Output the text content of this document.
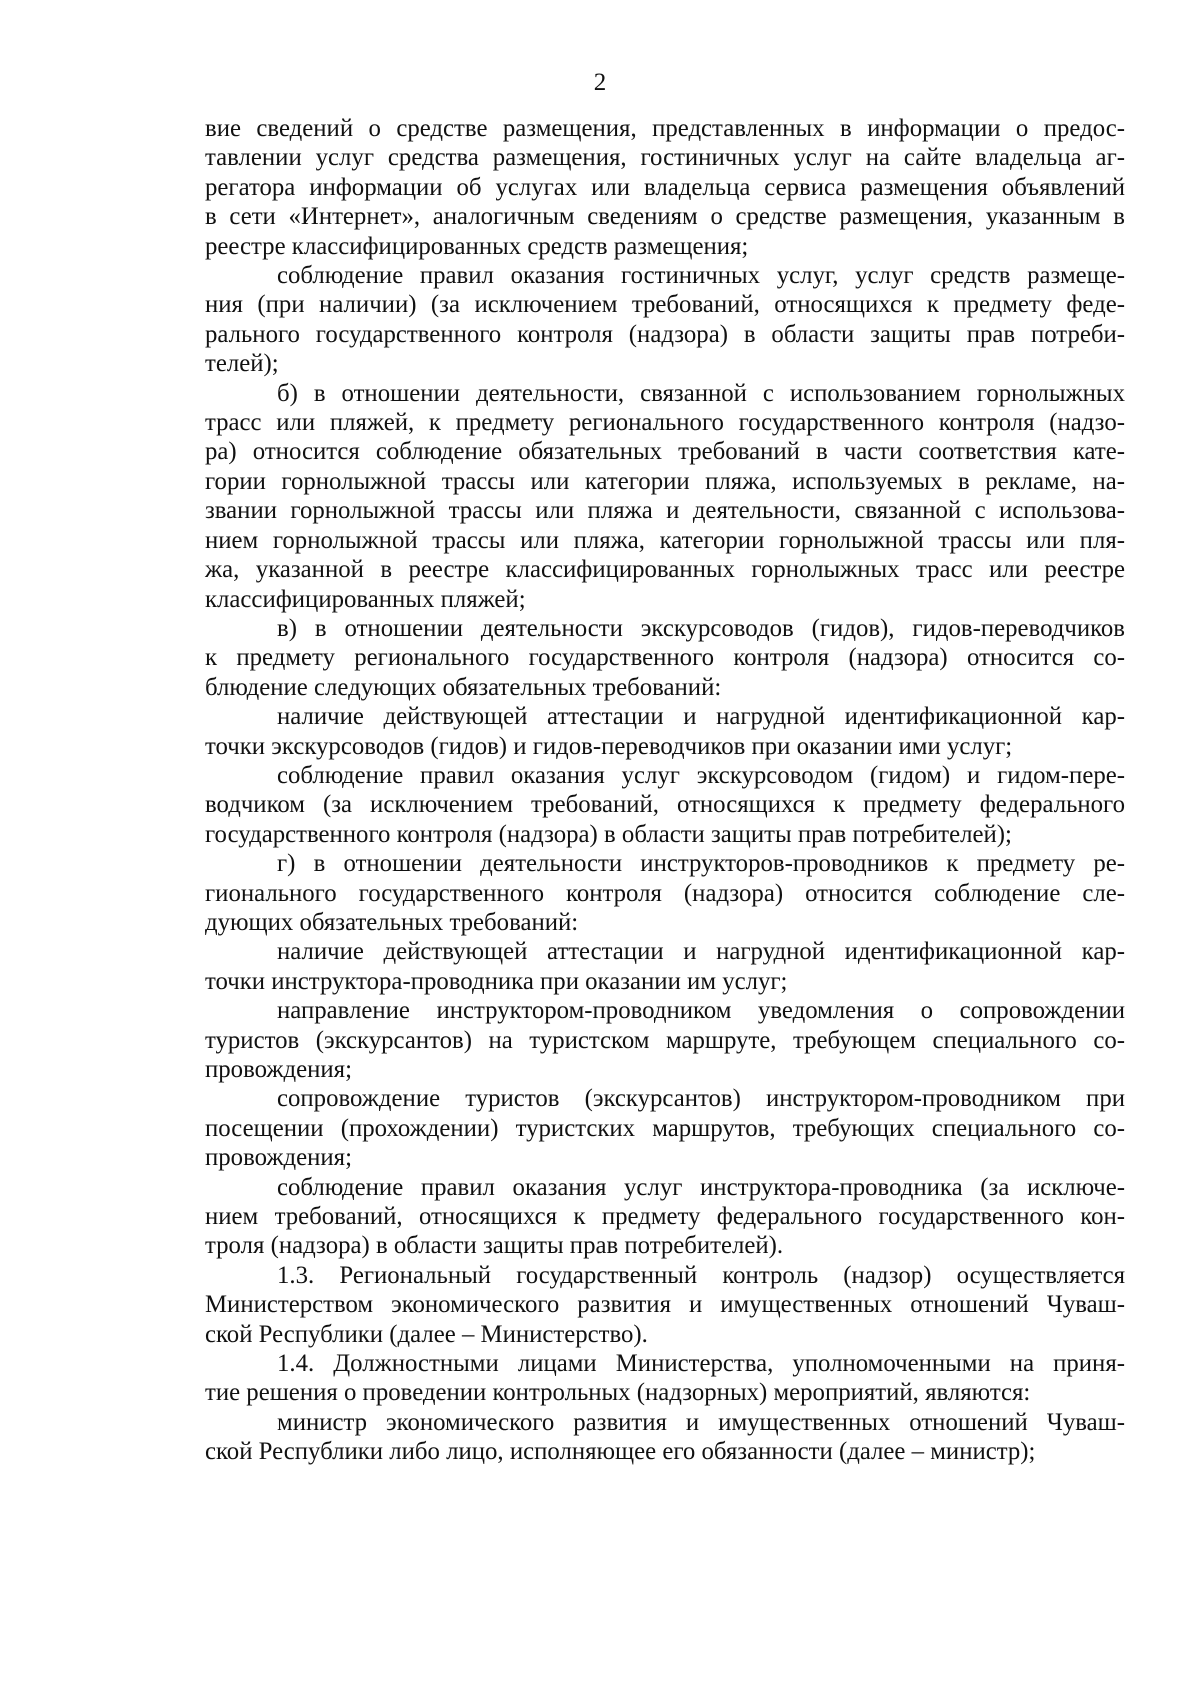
2
вие сведений о средстве размещения, представленных в информации о предос-
тавлении услуг средства размещения, гостиничных услуг на сайте владельца аг-
регатора информации об услугах или владельца сервиса размещения объявлений
в сети «Интернет», аналогичным сведениям о средстве размещения, указанным в
реестре классифицированных средств размещения;
соблюдение правил оказания гостиничных услуг, услуг средств размеще-
ния (при наличии) (за исключением требований, относящихся к предмету феде-
рального государственного контроля (надзора) в области защиты прав потреби-
телей);
б) в отношении деятельности, связанной с использованием горнолыжных
трасс или пляжей, к предмету регионального государственного контроля (надзо-
ра) относится соблюдение обязательных требований в части соответствия кате-
гории горнолыжной трассы или категории пляжа, используемых в рекламе, на-
звании горнолыжной трассы или пляжа и деятельности, связанной с использова-
нием горнолыжной трассы или пляжа, категории горнолыжной трассы или пля-
жа, указанной в реестре классифицированных горнолыжных трасс или реестре
классифицированных пляжей;
в) в отношении деятельности экскурсоводов (гидов), гидов-переводчиков
к предмету регионального государственного контроля (надзора) относится со-
блюдение следующих обязательных требований:
наличие действующей аттестации и нагрудной идентификационной кар-
точки экскурсоводов (гидов) и гидов-переводчиков при оказании ими услуг;
соблюдение правил оказания услуг экскурсоводом (гидом) и гидом-пере-
водчиком (за исключением требований, относящихся к предмету федерального
государственного контроля (надзора) в области защиты прав потребителей);
г) в отношении деятельности инструкторов-проводников к предмету ре-
гионального государственного контроля (надзора) относится соблюдение сле-
дующих обязательных требований:
наличие действующей аттестации и нагрудной идентификационной кар-
точки инструктора-проводника при оказании им услуг;
направление инструктором-проводником уведомления о сопровождении
туристов (экскурсантов) на туристском маршруте, требующем специального со-
провождения;
сопровождение туристов (экскурсантов) инструктором-проводником при
посещении (прохождении) туристских маршрутов, требующих специального со-
провождения;
соблюдение правил оказания услуг инструктора-проводника (за исключе-
нием требований, относящихся к предмету федерального государственного кон-
троля (надзора) в области защиты прав потребителей).
1.3. Региональный государственный контроль (надзор) осуществляется
Министерством экономического развития и имущественных отношений Чуваш-
ской Республики (далее – Министерство).
1.4. Должностными лицами Министерства, уполномоченными на приня-
тие решения о проведении контрольных (надзорных) мероприятий, являются:
министр экономического развития и имущественных отношений Чуваш-
ской Республики либо лицо, исполняющее его обязанности (далее – министр);
